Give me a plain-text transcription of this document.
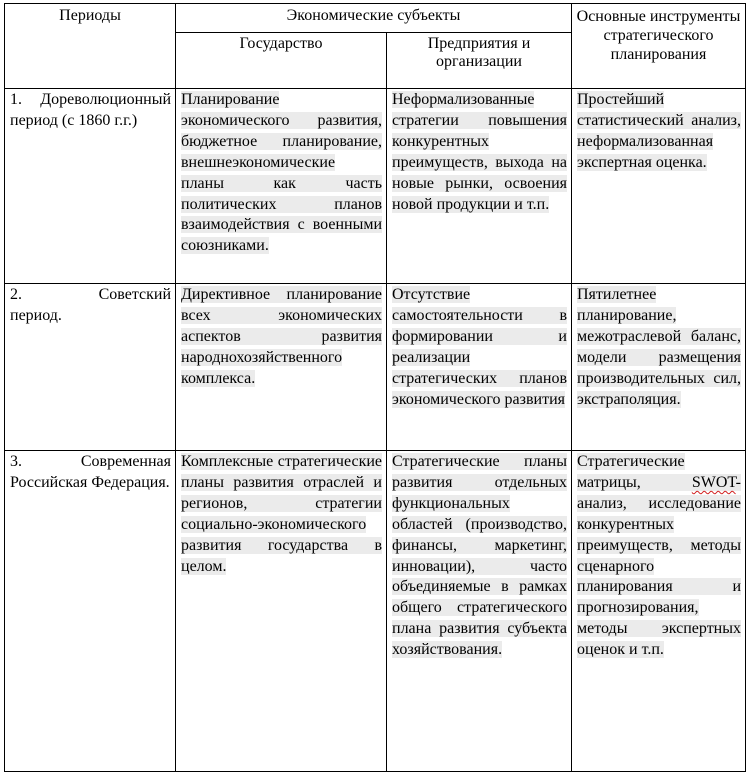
Периоды	Экономические субъекты		Основные инструменты стратегического планирования

	Государство	Предприятия и организации	

1. Дореволюционный период (с 1860 г.г.)	Планирование экономического развития, бюджетное планирование, внешнеэкономические планы как часть политических планов взаимодействия с военными союзниками.	Неформализованные стратегии повышения конкурентных преимуществ, выхода на новые рынки, освоения новой продукции и т.п.	Простейший статистический анализ, неформализованная экспертная оценка.

2. Советский период.	Директивное планирование всех экономических аспектов развития народнохозяйственного комплекса.	Отсутствие самостоятельности в формировании и реализации стратегических планов экономического развития	Пятилетнее планирование, межотраслевой баланс, модели размещения производительных сил, экстраполяция.

3. Современная Российская Федерация.	Комплексные стратегические планы развития отраслей и регионов, стратегии социально-экономического развития государства в целом.	Стратегические планы развития отдельных функциональных областей (производство, финансы, маркетинг, инновации), часто объединяемые в рамках общего стратегического плана развития субъекта хозяйствования.	Стратегические матрицы, SWOT-анализ, исследование конкурентных преимуществ, методы сценарного планирования и прогнозирования, методы экспертных оценок и т.п.
